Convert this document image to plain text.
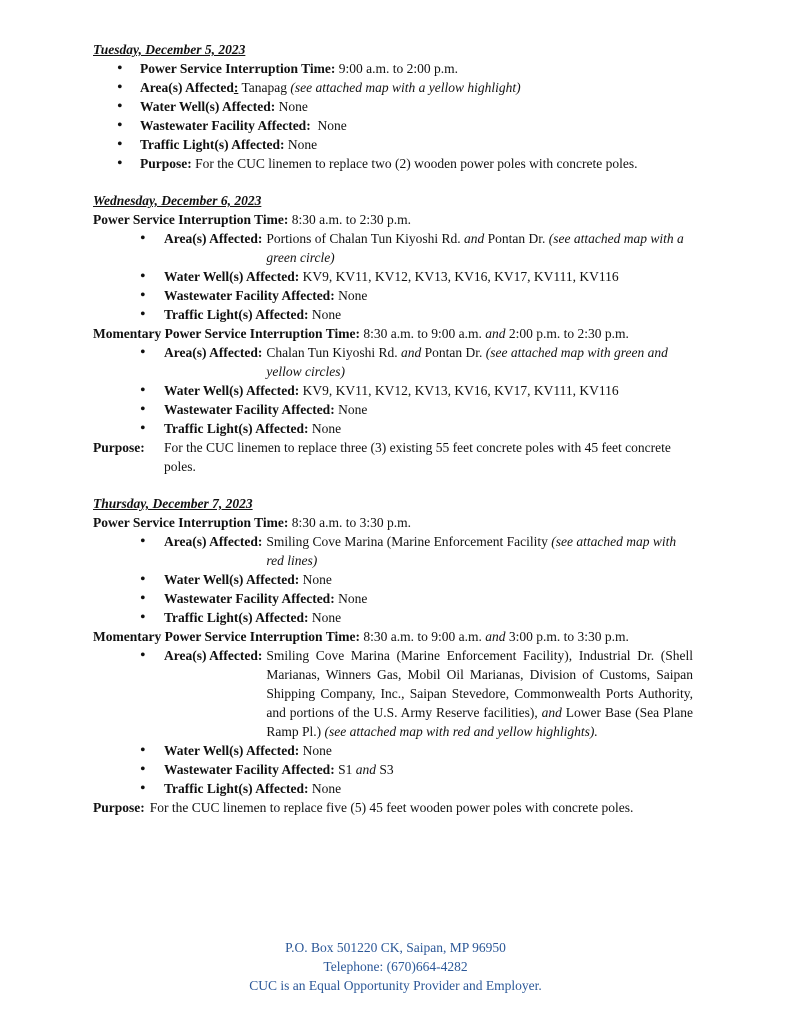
Tuesday, December 5, 2023
• Power Service Interruption Time: 9:00 a.m. to 2:00 p.m.
• Area(s) Affected: Tanapag (see attached map with a yellow highlight)
• Water Well(s) Affected: None
• Wastewater Facility Affected:  None
• Traffic Light(s) Affected: None
• Purpose: For the CUC linemen to replace two (2) wooden power poles with concrete poles.
Wednesday, December 6, 2023
Power Service Interruption Time: 8:30 a.m. to 2:30 p.m.
• Area(s) Affected: Portions of Chalan Tun Kiyoshi Rd. and Pontan Dr. (see attached map with a green circle)
• Water Well(s) Affected: KV9, KV11, KV12, KV13, KV16, KV17, KV111, KV116
• Wastewater Facility Affected: None
• Traffic Light(s) Affected: None
Momentary Power Service Interruption Time: 8:30 a.m. to 9:00 a.m. and 2:00 p.m. to 2:30 p.m.
• Area(s) Affected: Chalan Tun Kiyoshi Rd. and Pontan Dr. (see attached map with green and yellow circles)
• Water Well(s) Affected: KV9, KV11, KV12, KV13, KV16, KV17, KV111, KV116
• Wastewater Facility Affected: None
• Traffic Light(s) Affected: None
Purpose:	For the CUC linemen to replace three (3) existing 55 feet concrete poles with 45 feet concrete poles.
Thursday, December 7, 2023
Power Service Interruption Time: 8:30 a.m. to 3:30 p.m.
• Area(s) Affected: Smiling Cove Marina (Marine Enforcement Facility (see attached map with red lines)
• Water Well(s) Affected: None
• Wastewater Facility Affected: None
• Traffic Light(s) Affected: None
Momentary Power Service Interruption Time: 8:30 a.m. to 9:00 a.m. and 3:00 p.m. to 3:30 p.m.
• Area(s) Affected: Smiling Cove Marina (Marine Enforcement Facility), Industrial Dr. (Shell Marianas, Winners Gas, Mobil Oil Marianas, Division of Customs, Saipan Shipping Company, Inc., Saipan Stevedore, Commonwealth Ports Authority, and portions of the U.S. Army Reserve facilities), and Lower Base (Sea Plane Ramp Pl.) (see attached map with red and yellow highlights).
• Water Well(s) Affected: None
• Wastewater Facility Affected: S1 and S3
• Traffic Light(s) Affected: None
Purpose: For the CUC linemen to replace five (5) 45 feet wooden power poles with concrete poles.
P.O. Box 501220 CK, Saipan, MP 96950
Telephone: (670)664-4282
CUC is an Equal Opportunity Provider and Employer.
